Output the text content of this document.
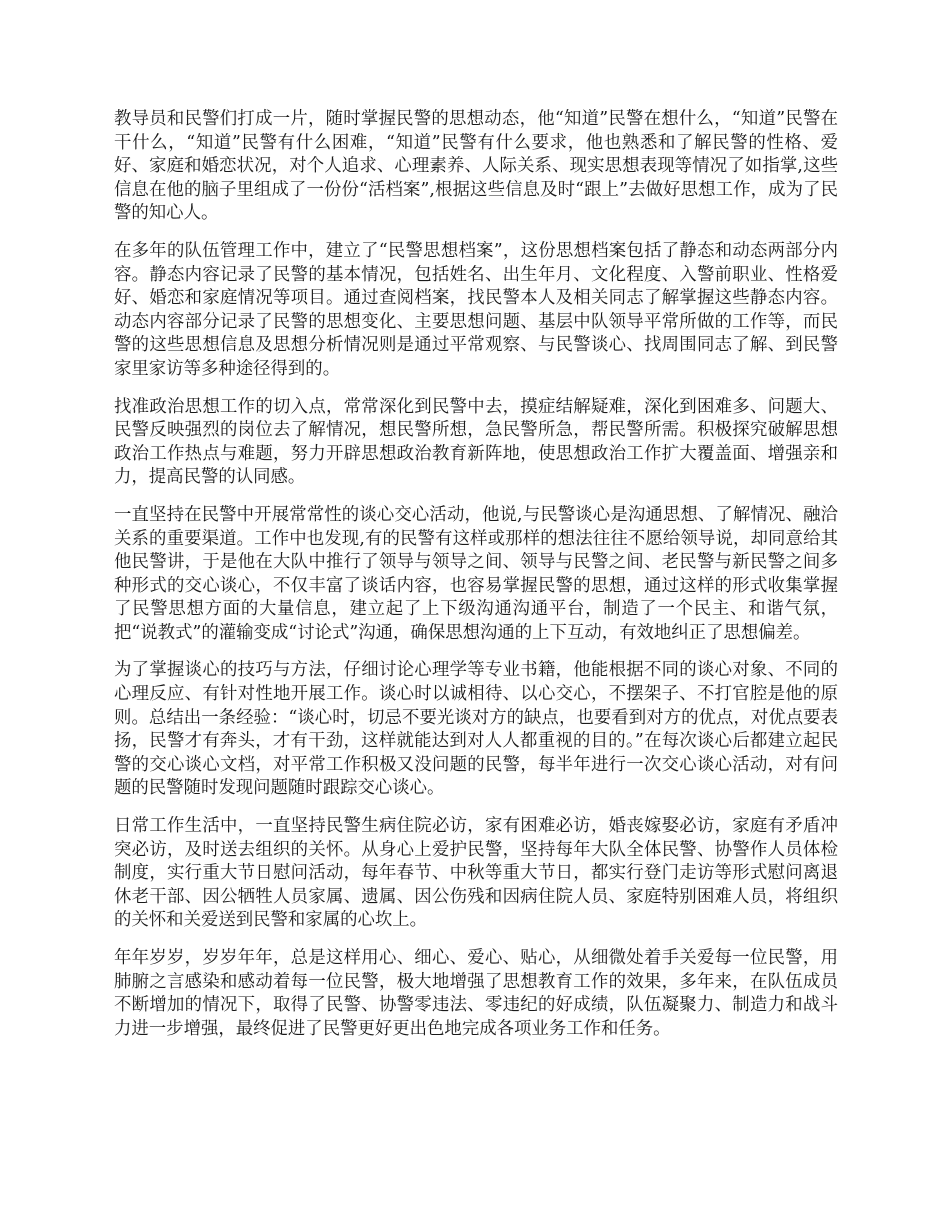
教导员和民警们打成一片，随时掌握民警的思想动态，他“知道”民警在想什么，“知道”民警在干什么，“知道”民警有什么困难，“知道”民警有什么要求，他也熟悉和了解民警的性格、爱好、家庭和婚恋状况，对个人追求、心理素养、人际关系、现实思想表现等情况了如指掌,这些信息在他的脑子里组成了一份份“活档案”,根据这些信息及时“跟上”去做好思想工作，成为了民警的知心人。

在多年的队伍管理工作中，建立了“民警思想档案”，这份思想档案包括了静态和动态两部分内容。静态内容记录了民警的基本情况，包括姓名、出生年月、文化程度、入警前职业、性格爱好、婚恋和家庭情况等项目。通过查阅档案，找民警本人及相关同志了解掌握这些静态内容。动态内容部分记录了民警的思想变化、主要思想问题、基层中队领导平常所做的工作等，而民警的这些思想信息及思想分析情况则是通过平常观察、与民警谈心、找周围同志了解、到民警家里家访等多种途径得到的。

找准政治思想工作的切入点，常常深化到民警中去，摸症结解疑难，深化到困难多、问题大、民警反映强烈的岗位去了解情况，想民警所想，急民警所急，帮民警所需。积极探究破解思想政治工作热点与难题，努力开辟思想政治教育新阵地，使思想政治工作扩大覆盖面、增强亲和力，提高民警的认同感。

一直坚持在民警中开展常常性的谈心交心活动，他说,与民警谈心是沟通思想、了解情况、融洽关系的重要渠道。工作中也发现,有的民警有这样或那样的想法往往不愿给领导说，却同意给其他民警讲，于是他在大队中推行了领导与领导之间、领导与民警之间、老民警与新民警之间多种形式的交心谈心，不仅丰富了谈话内容，也容易掌握民警的思想，通过这样的形式收集掌握了民警思想方面的大量信息，建立起了上下级沟通沟通平台，制造了一个民主、和谐气氛，把“说教式”的灌输变成“讨论式”沟通，确保思想沟通的上下互动，有效地纠正了思想偏差。

为了掌握谈心的技巧与方法，仔细讨论心理学等专业书籍，他能根据不同的谈心对象、不同的心理反应、有针对性地开展工作。谈心时以诚相待、以心交心，不摆架子、不打官腔是他的原则。总结出一条经验：“谈心时，切忌不要光谈对方的缺点，也要看到对方的优点，对优点要表扬，民警才有奔头，才有干劲，这样就能达到对人人都重视的目的。”在每次谈心后都建立起民警的交心谈心文档，对平常工作积极又没问题的民警，每半年进行一次交心谈心活动，对有问题的民警随时发现问题随时跟踪交心谈心。

日常工作生活中，一直坚持民警生病住院必访，家有困难必访，婚丧嫁娶必访，家庭有矛盾冲突必访，及时送去组织的关怀。从身心上爱护民警，坚持每年大队全体民警、协警作人员体检制度，实行重大节日慰问活动，每年春节、中秋等重大节日，都实行登门走访等形式慰问离退休老干部、因公牺牲人员家属、遗属、因公伤残和因病住院人员、家庭特别困难人员，将组织的关怀和关爱送到民警和家属的心坎上。

年年岁岁，岁岁年年，总是这样用心、细心、爱心、贴心，从细微处着手关爱每一位民警，用肺腑之言感染和感动着每一位民警，极大地增强了思想教育工作的效果，多年来，在队伍成员不断增加的情况下，取得了民警、协警零违法、零违纪的好成绩，队伍凝聚力、制造力和战斗力进一步增强，最终促进了民警更好更出色地完成各项业务工作和任务。
